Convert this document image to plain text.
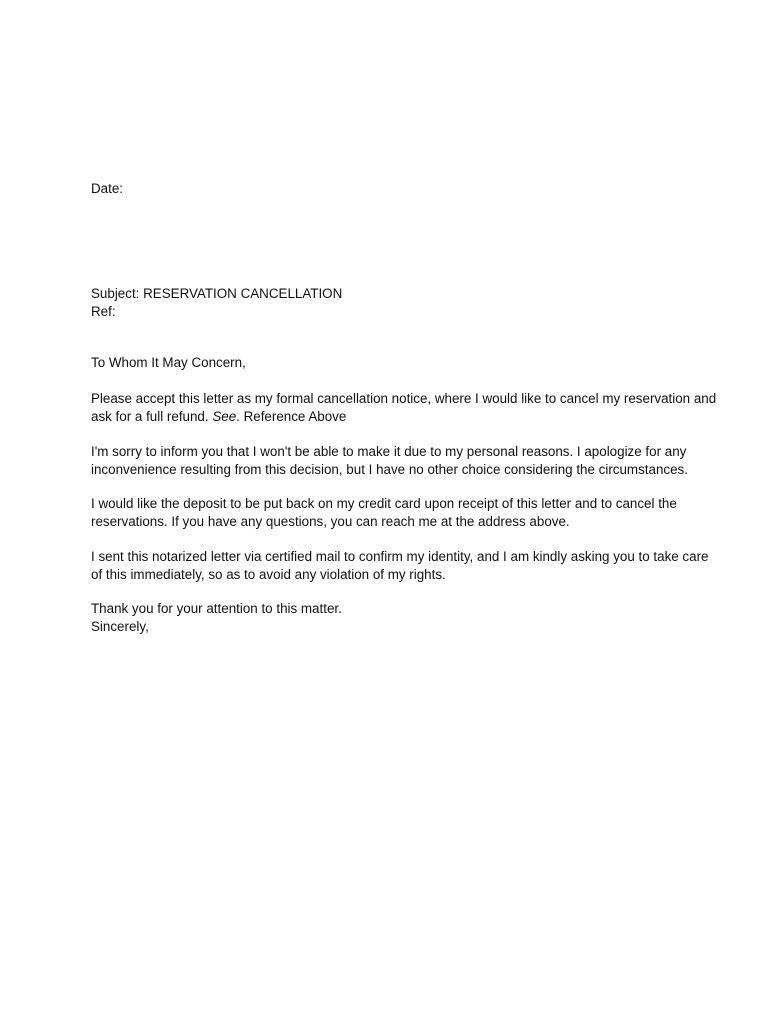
Date:

Subject: RESERVATION CANCELLATION

Ref:

To Whom It May Concern,

Please accept this letter as my formal cancellation notice, where I would like to cancel my reservation and
ask for a full refund. See. Reference Above
I'm sorry to inform you that I won't be able to make it due to my personal reasons. I apologize for any
inconvenience resulting from this decision, but I have no other choice considering the circumstances.
I would like the deposit to be put back on my credit card upon receipt of this letter and to cancel the
reservations. If you have any questions, you can reach me at the address above.
I sent this notarized letter via certified mail to confirm my identity, and I am kindly asking you to take care
of this immediately, so as to avoid any violation of my rights.

Thank you for your attention to this matter.

Sincerely,
